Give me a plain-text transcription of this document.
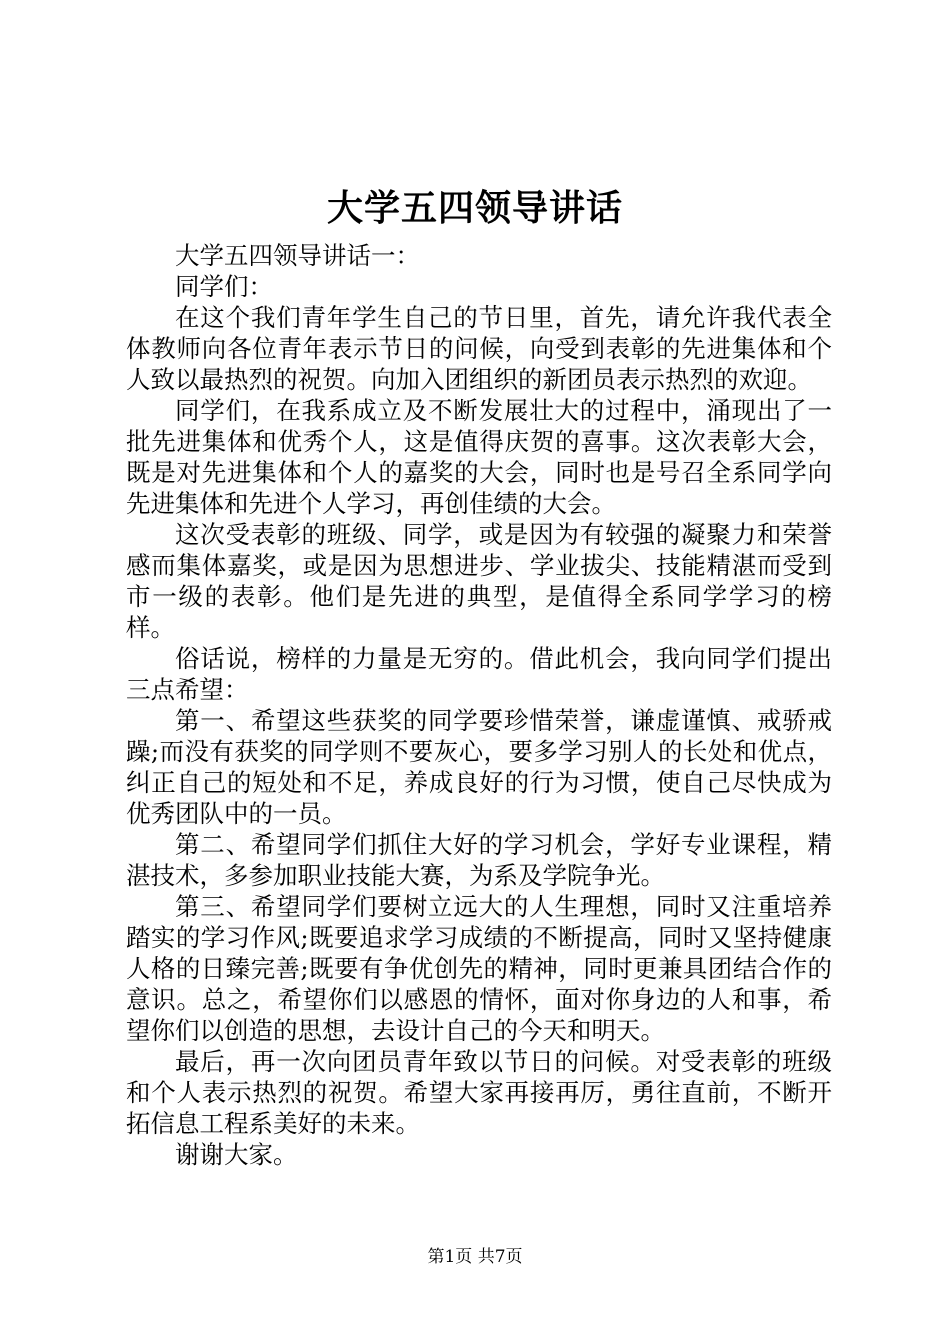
大学五四领导讲话

大学五四领导讲话一：

同学们：

在这个我们青年学生自己的节日里，首先，请允许我代表全体教师向各位青年表示节日的问候，向受到表彰的先进集体和个人致以最热烈的祝贺。向加入团组织的新团员表示热烈的欢迎。

同学们，在我系成立及不断发展壮大的过程中，涌现出了一批先进集体和优秀个人，这是值得庆贺的喜事。这次表彰大会，既是对先进集体和个人的嘉奖的大会，同时也是号召全系同学向先进集体和先进个人学习，再创佳绩的大会。

这次受表彰的班级、同学，或是因为有较强的凝聚力和荣誉感而集体嘉奖，或是因为思想进步、学业拔尖、技能精湛而受到市一级的表彰。他们是先进的典型，是值得全系同学学习的榜样。

俗话说，榜样的力量是无穷的。借此机会，我向同学们提出三点希望：

第一、希望这些获奖的同学要珍惜荣誉，谦虚谨慎、戒骄戒躁;而没有获奖的同学则不要灰心，要多学习别人的长处和优点，纠正自己的短处和不足，养成良好的行为习惯，使自己尽快成为优秀团队中的一员。

第二、希望同学们抓住大好的学习机会，学好专业课程，精湛技术，多参加职业技能大赛，为系及学院争光。

第三、希望同学们要树立远大的人生理想，同时又注重培养踏实的学习作风;既要追求学习成绩的不断提高，同时又坚持健康人格的日臻完善;既要有争优创先的精神，同时更兼具团结合作的意识。总之，希望你们以感恩的情怀，面对你身边的人和事，希望你们以创造的思想，去设计自己的今天和明天。

最后，再一次向团员青年致以节日的问候。对受表彰的班级和个人表示热烈的祝贺。希望大家再接再厉，勇往直前，不断开拓信息工程系美好的未来。

谢谢大家。

第1页 共7页
